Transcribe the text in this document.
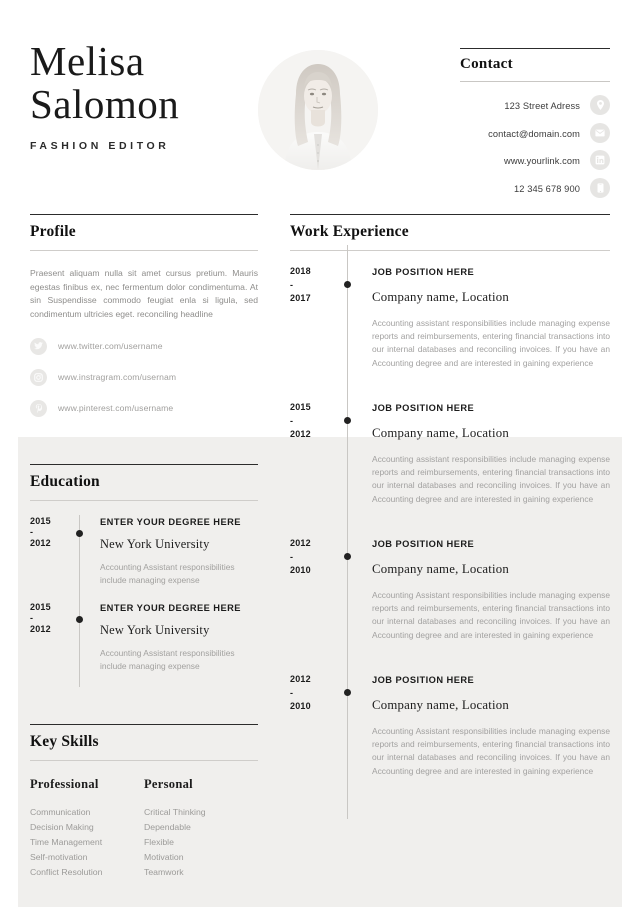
Melisa
Salomon
FASHION EDITOR
Contact
123 Street Adress
contact@domain.com
www.yourlink.com
12 345 678 900
Profile
Praesent aliquam nulla sit amet cursus pretium. Mauris egestas finibus ex, nec fermentum dolor condimentuma. At sin Suspendisse commodo feugiat enla si ligula, sed condimentum ultricies eget. reconciling headline
www.twitter.com/username
www.instragram.com/usernam
www.pinterest.com/username
Education
2015
-
2012
ENTER YOUR DEGREE HERE
New York University
Accounting Assistant responsibilities include managing expense
2015
-
2012
ENTER YOUR DEGREE HERE
New York University
Accounting Assistant responsibilities include managing expense
Key Skills
Professional
Communication
Decision Making
Time Management
Self-motivation
Conflict Resolution
Personal
Critical Thinking
Dependable
Flexible
Motivation
Teamwork
Work Experience
2018
-
2017
JOB POSITION HERE
Company name, Location
Accounting assistant responsibilities include managing expense reports and reimbursements, entering financial transactions into our internal databases and reconciling invoices. If you have an Accounting degree and are interested in gaining experience
2015
-
2012
JOB POSITION HERE
Company name, Location
Accounting assistant responsibilities include managing expense reports and reimbursements, entering financial transactions into our internal databases and reconciling invoices. If you have an Accounting degree and are interested in gaining experience
2012
-
2010
JOB POSITION HERE
Company name, Location
Accounting Assistant responsibilities include managing expense reports and reimbursements, entering financial transactions into our internal databases and reconciling invoices. If you have an Accounting degree and are interested in gaining experience
2012
-
2010
JOB POSITION HERE
Company name, Location
Accounting Assistant responsibilities include managing expense reports and reimbursements, entering financial transactions into our internal databases and reconciling invoices. If you have an Accounting degree and are interested in gaining experience
